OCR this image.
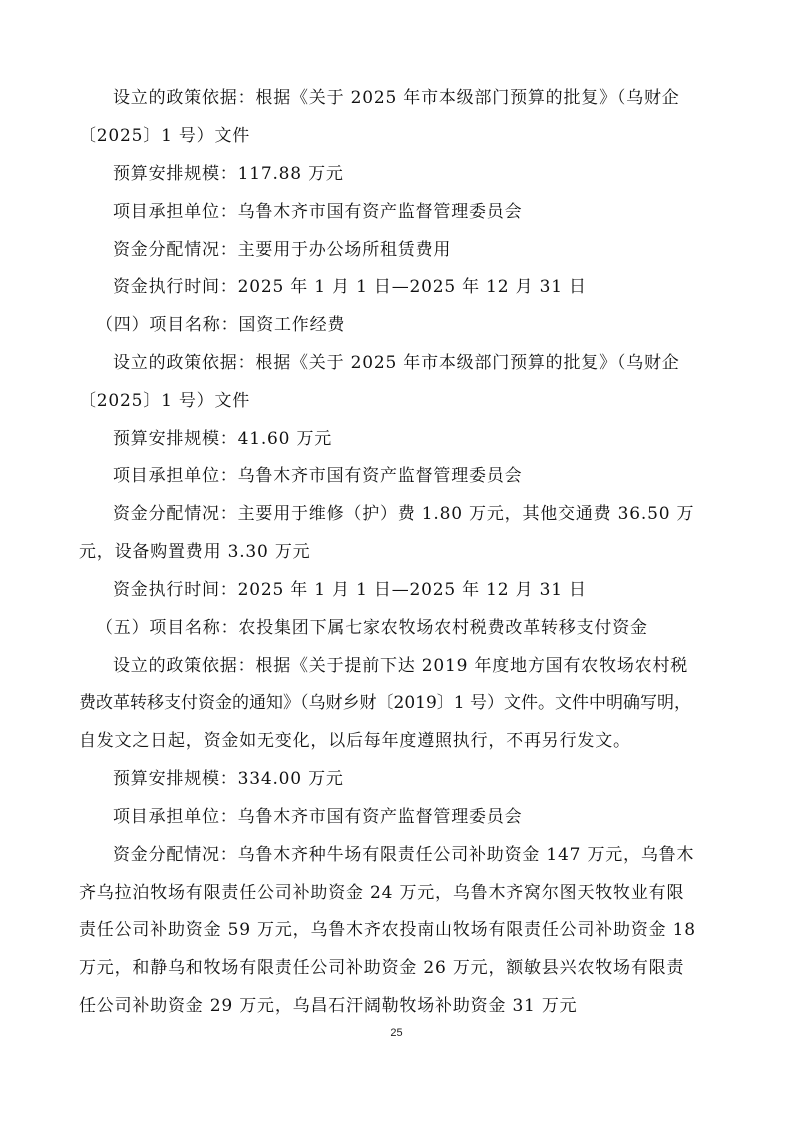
设立的政策依据：根据《关于 2025 年市本级部门预算的批复》（乌财企
〔2025〕1 号）文件
预算安排规模：117.88 万元
项目承担单位：乌鲁木齐市国有资产监督管理委员会
资金分配情况：主要用于办公场所租赁费用
资金执行时间：2025 年 1 月 1 日—2025 年 12 月 31 日
（四）项目名称：国资工作经费
设立的政策依据：根据《关于 2025 年市本级部门预算的批复》（乌财企
〔2025〕1 号）文件
预算安排规模：41.60 万元
项目承担单位：乌鲁木齐市国有资产监督管理委员会
资金分配情况：主要用于维修（护）费 1.80 万元，其他交通费 36.50 万
元，设备购置费用 3.30 万元
资金执行时间：2025 年 1 月 1 日—2025 年 12 月 31 日
（五）项目名称：农投集团下属七家农牧场农村税费改革转移支付资金
设立的政策依据：根据《关于提前下达 2019 年度地方国有农牧场农村税
费改革转移支付资金的通知》（乌财乡财〔2019〕1 号）文件。文件中明确写明，
自发文之日起，资金如无变化，以后每年度遵照执行，不再另行发文。
预算安排规模：334.00 万元
项目承担单位：乌鲁木齐市国有资产监督管理委员会
资金分配情况：乌鲁木齐种牛场有限责任公司补助资金 147 万元，乌鲁木
齐乌拉泊牧场有限责任公司补助资金 24 万元，乌鲁木齐窝尔图天牧牧业有限
责任公司补助资金 59 万元，乌鲁木齐农投南山牧场有限责任公司补助资金 18
万元，和静乌和牧场有限责任公司补助资金 26 万元，额敏县兴农牧场有限责
任公司补助资金 29 万元，乌昌石汗阔勒牧场补助资金 31 万元
25
